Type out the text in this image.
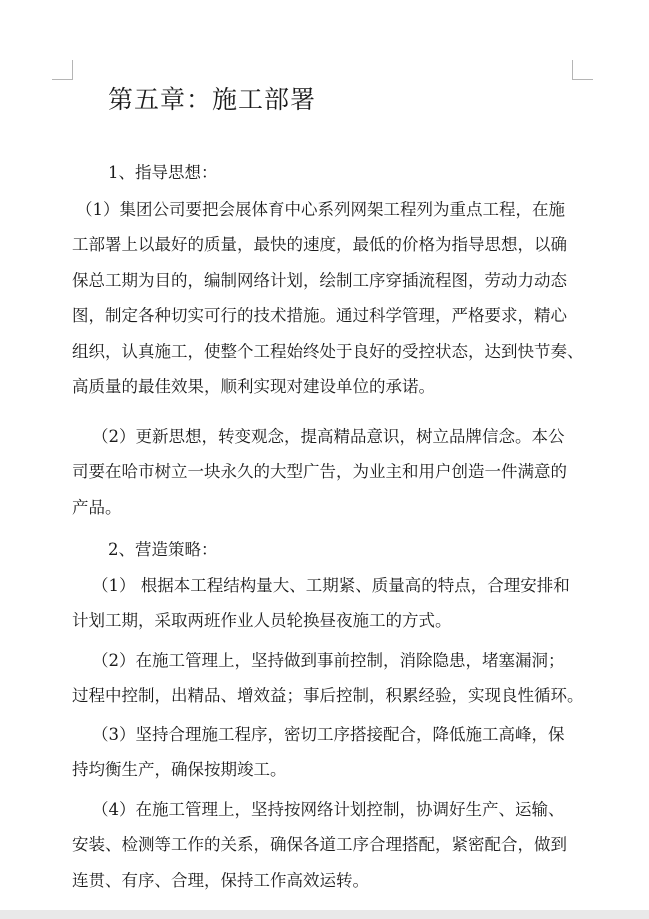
第五章：施工部署
1、指导思想：
（1）集团公司要把会展体育中心系列网架工程列为重点工程，在施
工部署上以最好的质量，最快的速度，最低的价格为指导思想，以确
保总工期为目的，编制网络计划，绘制工序穿插流程图，劳动力动态
图，制定各种切实可行的技术措施。通过科学管理，严格要求，精心
组织，认真施工，使整个工程始终处于良好的受控状态，达到快节奏、
高质量的最佳效果，顺利实现对建设单位的承诺。
（2）更新思想，转变观念，提高精品意识，树立品牌信念。本公
司要在哈市树立一块永久的大型广告，为业主和用户创造一件满意的
产品。
2、营造策略：
（1） 根据本工程结构量大、工期紧、质量高的特点，合理安排和
计划工期，采取两班作业人员轮换昼夜施工的方式。
（2）在施工管理上，坚持做到事前控制，消除隐患，堵塞漏洞；
过程中控制，出精品、增效益；事后控制，积累经验，实现良性循环。
（3）坚持合理施工程序，密切工序搭接配合，降低施工高峰，保
持均衡生产，确保按期竣工。
（4）在施工管理上，坚持按网络计划控制，协调好生产、运输、
安装、检测等工作的关系，确保各道工序合理搭配，紧密配合，做到
连贯、有序、合理，保持工作高效运转。
